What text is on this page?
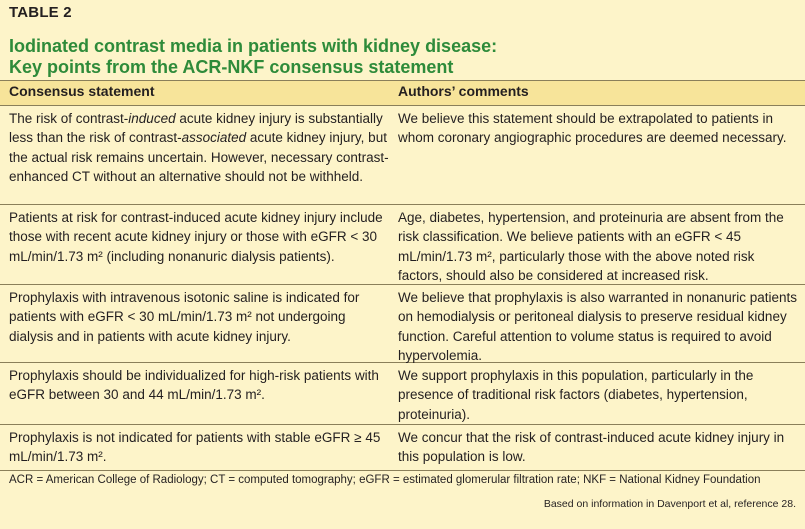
TABLE 2
Iodinated contrast media in patients with kidney disease:
Key points from the ACR-NKF consensus statement
Consensus statement	Authors’ comments
The risk of contrast-induced acute kidney injury is substantially less than the risk of contrast-associated acute kidney injury, but the actual risk remains uncertain. However, necessary contrast-enhanced CT without an alternative should not be withheld.
We believe this statement should be extrapolated to patients in whom coronary angiographic procedures are deemed necessary.
Patients at risk for contrast-induced acute kidney injury include those with recent acute kidney injury or those with eGFR < 30 mL/min/1.73 m² (including nonanuric dialysis patients).
Age, diabetes, hypertension, and proteinuria are absent from the risk classification. We believe patients with an eGFR < 45 mL/min/1.73 m², particularly those with the above noted risk factors, should also be considered at increased risk.
Prophylaxis with intravenous isotonic saline is indicated for patients with eGFR < 30 mL/min/1.73 m² not undergoing dialysis and in patients with acute kidney injury.
We believe that prophylaxis is also warranted in nonanuric patients on hemodialysis or peritoneal dialysis to preserve residual kidney function. Careful attention to volume status is required to avoid hypervolemia.
Prophylaxis should be individualized for high-risk patients with eGFR between 30 and 44 mL/min/1.73 m².
We support prophylaxis in this population, particularly in the presence of traditional risk factors (diabetes, hypertension, proteinuria).
Prophylaxis is not indicated for patients with stable eGFR ≥ 45 mL/min/1.73 m².
We concur that the risk of contrast-induced acute kidney injury in this population is low.
ACR = American College of Radiology; CT = computed tomography; eGFR = estimated glomerular filtration rate; NKF = National Kidney Foundation
Based on information in Davenport et al, reference 28.
